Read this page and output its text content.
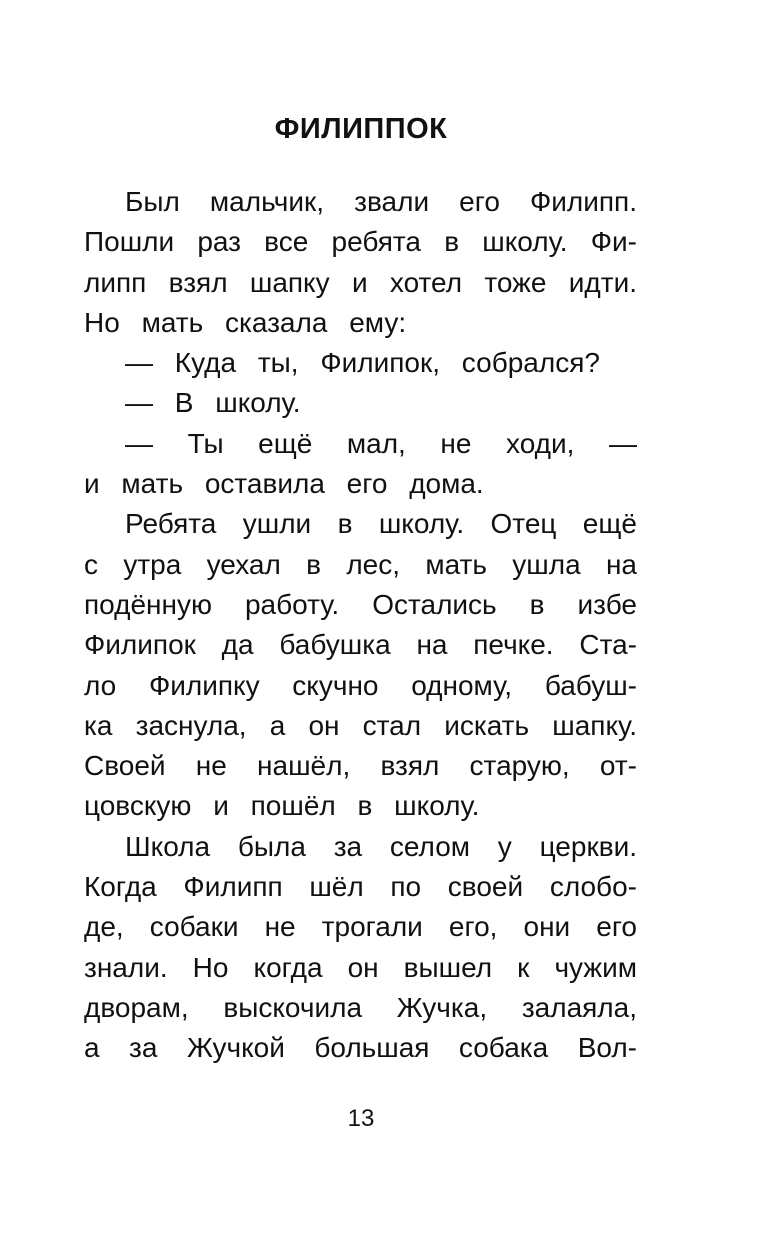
ФИЛИППОК
Был мальчик, звали его Филипп.
Пошли раз все ребята в школу. Фи-
липп взял шапку и хотел тоже идти.
Но мать сказала ему:
— Куда ты, Филипок, собрался?
— В школу.
— Ты ещё мал, не ходи, —
и мать оставила его дома.
Ребята ушли в школу. Отец ещё
с утра уехал в лес, мать ушла на
подённую работу. Остались в избе
Филипок да бабушка на печке. Ста-
ло Филипку скучно одному, бабуш-
ка заснула, а он стал искать шапку.
Своей не нашёл, взял старую, от-
цовскую и пошёл в школу.
Школа была за селом у церкви.
Когда Филипп шёл по своей слобо-
де, собаки не трогали его, они его
знали. Но когда он вышел к чужим
дворам, выскочила Жучка, залаяла,
а за Жучкой большая собака Вол-
13
